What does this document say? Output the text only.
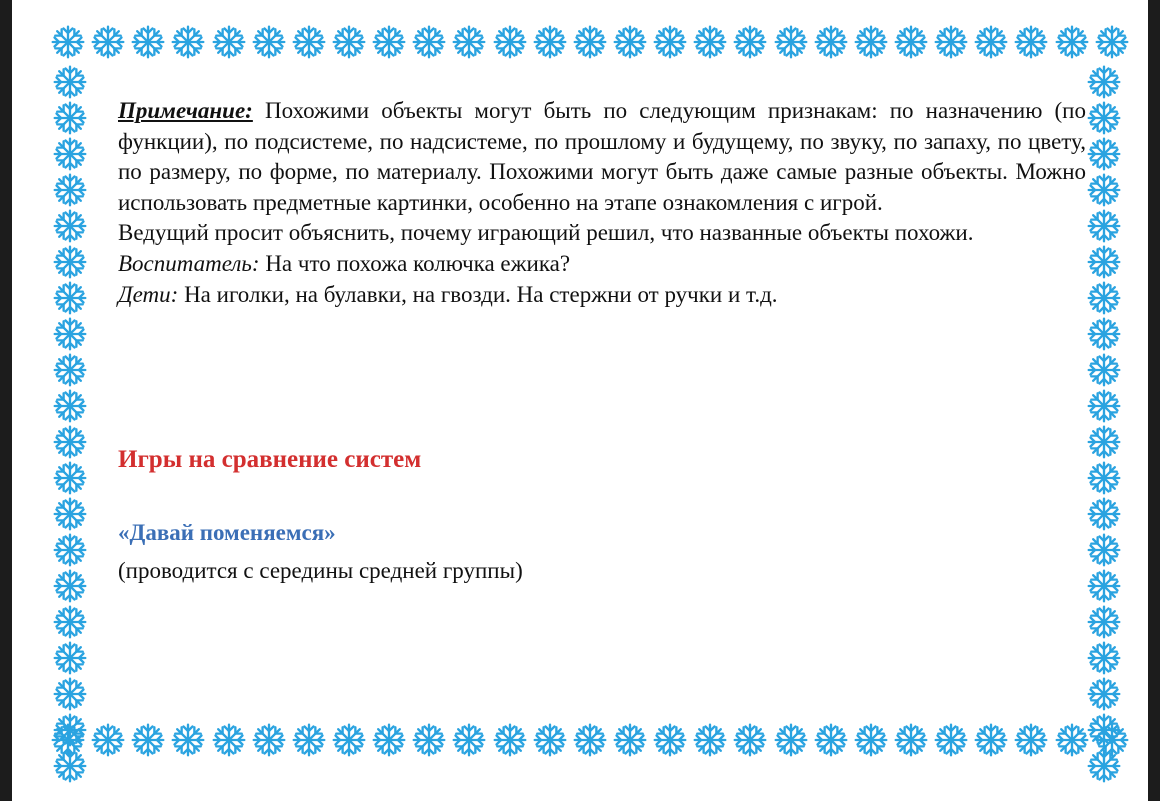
Примечание: Похожими объекты могут быть по следующим признакам: по назначению (по функции), по подсистеме, по надсистеме, по прошлому и будущему, по звуку, по запаху, по цвету, по размеру, по форме, по материалу. Похожими могут быть даже самые разные объекты. Можно использовать предметные картинки, особенно на этапе ознакомления с игрой.

Ведущий просит объяснить, почему играющий решил, что названные объекты похожи.

Воспитатель: На что похожа колючка ежика?

Дети: На иголки, на булавки, на гвозди. На стержни от ручки и т.д.

Игры на сравнение систем
«Давай поменяемся»

(проводится с середины средней группы)
